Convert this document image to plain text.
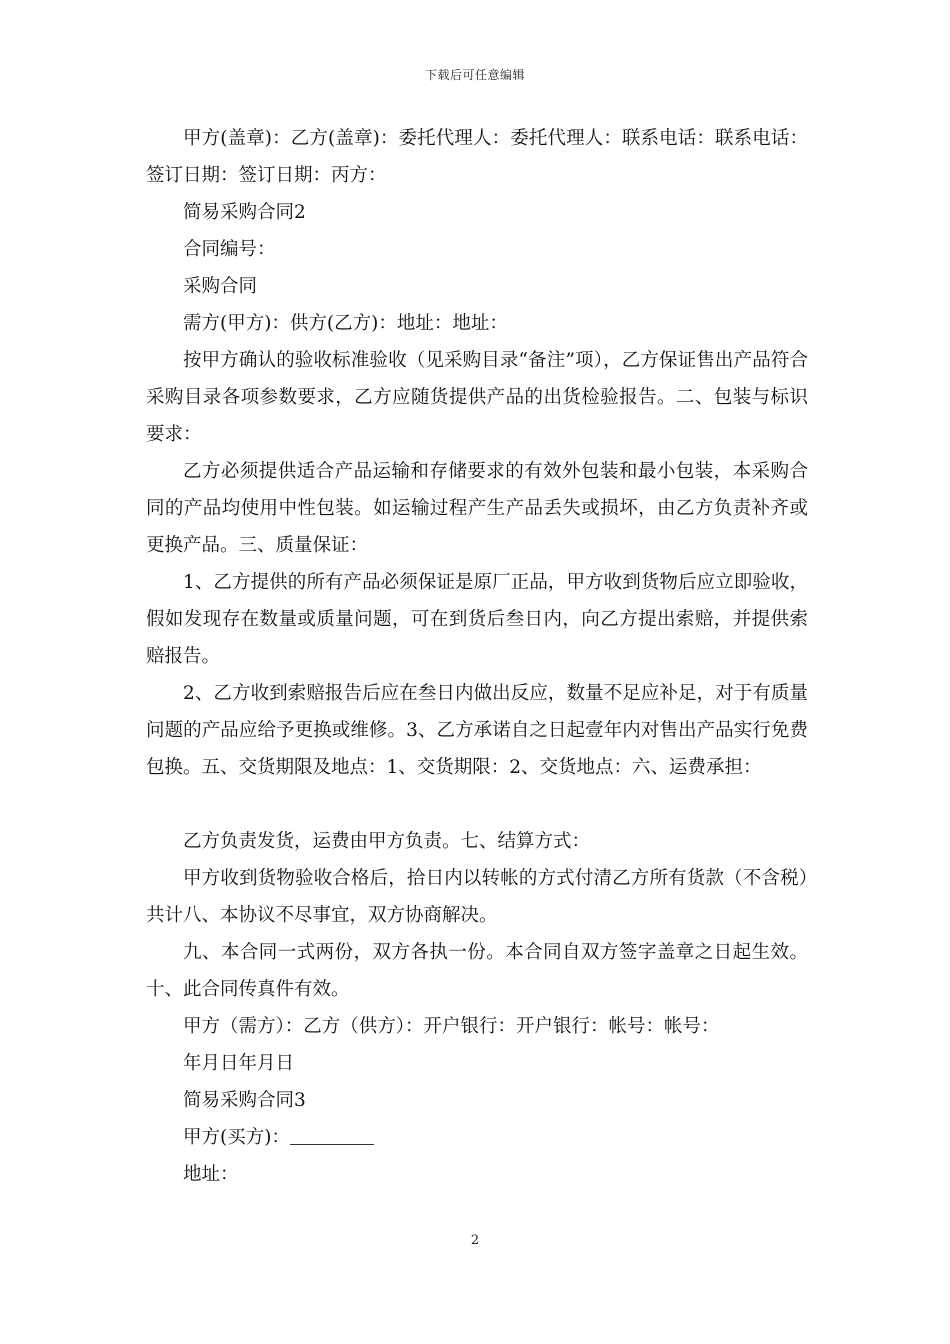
下载后可任意编辑

甲方(盖章)：乙方(盖章)：委托代理人：委托代理人：联系电话：联系电话：签订日期：签订日期：丙方：

简易采购合同2

合同编号：

采购合同

需方(甲方)：供方(乙方)：地址：地址：

按甲方确认的验收标准验收（见采购目录“备注”项），乙方保证售出产品符合采购目录各项参数要求，乙方应随货提供产品的出货检验报告。二、包装与标识要求：

乙方必须提供适合产品运输和存储要求的有效外包装和最小包装，本采购合同的产品均使用中性包装。如运输过程产生产品丢失或损坏，由乙方负责补齐或更换产品。三、质量保证：

1、乙方提供的所有产品必须保证是原厂正品，甲方收到货物后应立即验收，假如发现存在数量或质量问题，可在到货后叁日内，向乙方提出索赔，并提供索赔报告。

2、乙方收到索赔报告后应在叁日内做出反应，数量不足应补足，对于有质量问题的产品应给予更换或维修。3、乙方承诺自之日起壹年内对售出产品实行免费包换。五、交货期限及地点：1、交货期限：2、交货地点：六、运费承担：

乙方负责发货，运费由甲方负责。七、结算方式：

甲方收到货物验收合格后，拾日内以转帐的方式付清乙方所有货款（不含税）共计八、本协议不尽事宜，双方协商解决。

九、本合同一式两份，双方各执一份。本合同自双方签字盖章之日起生效。十、此合同传真件有效。

甲方（需方）：乙方（供方）：开户银行：开户银行：帐号：帐号：

年月日年月日

简易采购合同3

甲方(买方)：

地址：

2
